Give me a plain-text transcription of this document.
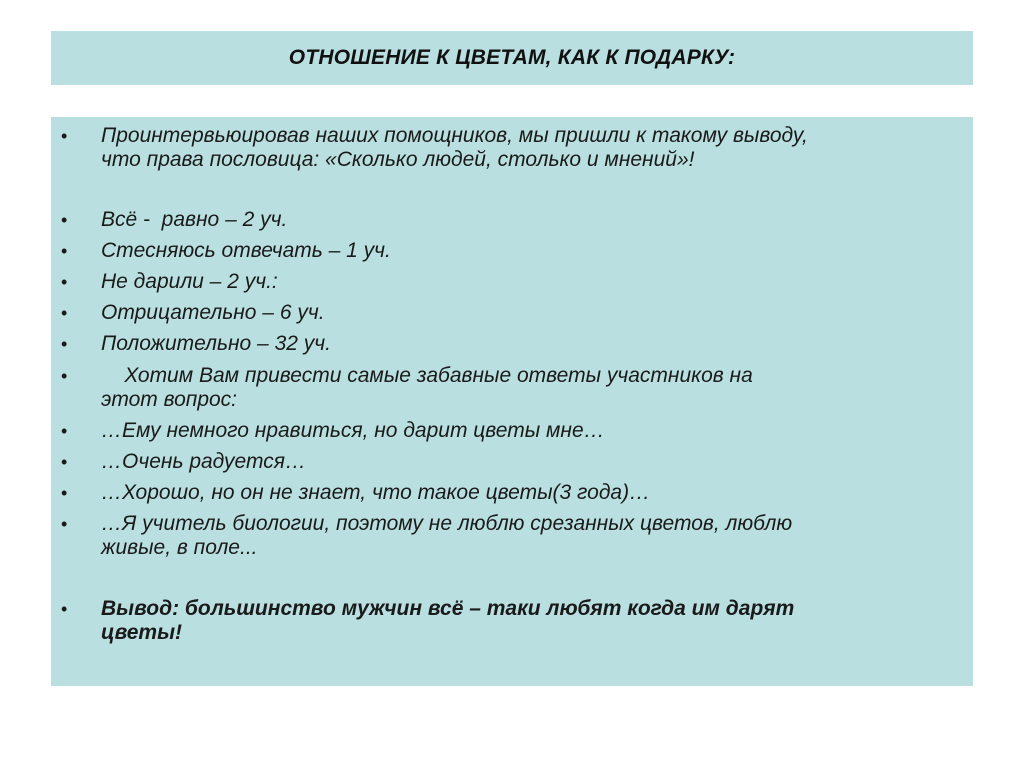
ОТНОШЕНИЕ К ЦВЕТАМ, КАК К ПОДАРКУ:
• Проинтервьюировав наших помощников, мы пришли к такому выводу,
что права пословица: «Сколько людей, столько и мнений»!
• Всё -  равно – 2 уч.
• Стесняюсь отвечать – 1 уч.
• Не дарили – 2 уч.:
• Отрицательно – 6 уч.
• Положительно – 32 уч.
•	Хотим Вам привести самые забавные ответы участников на
этот вопрос:
• …Ему немного нравиться, но дарит цветы мне…
• …Очень радуется…
• …Хорошо, но он не знает, что такое цветы(3 года)…
• …Я учитель биологии, поэтому не люблю срезанных цветов, люблю
живые, в поле...
• Вывод: большинство мужчин всё – таки любят когда им дарят
цветы!
